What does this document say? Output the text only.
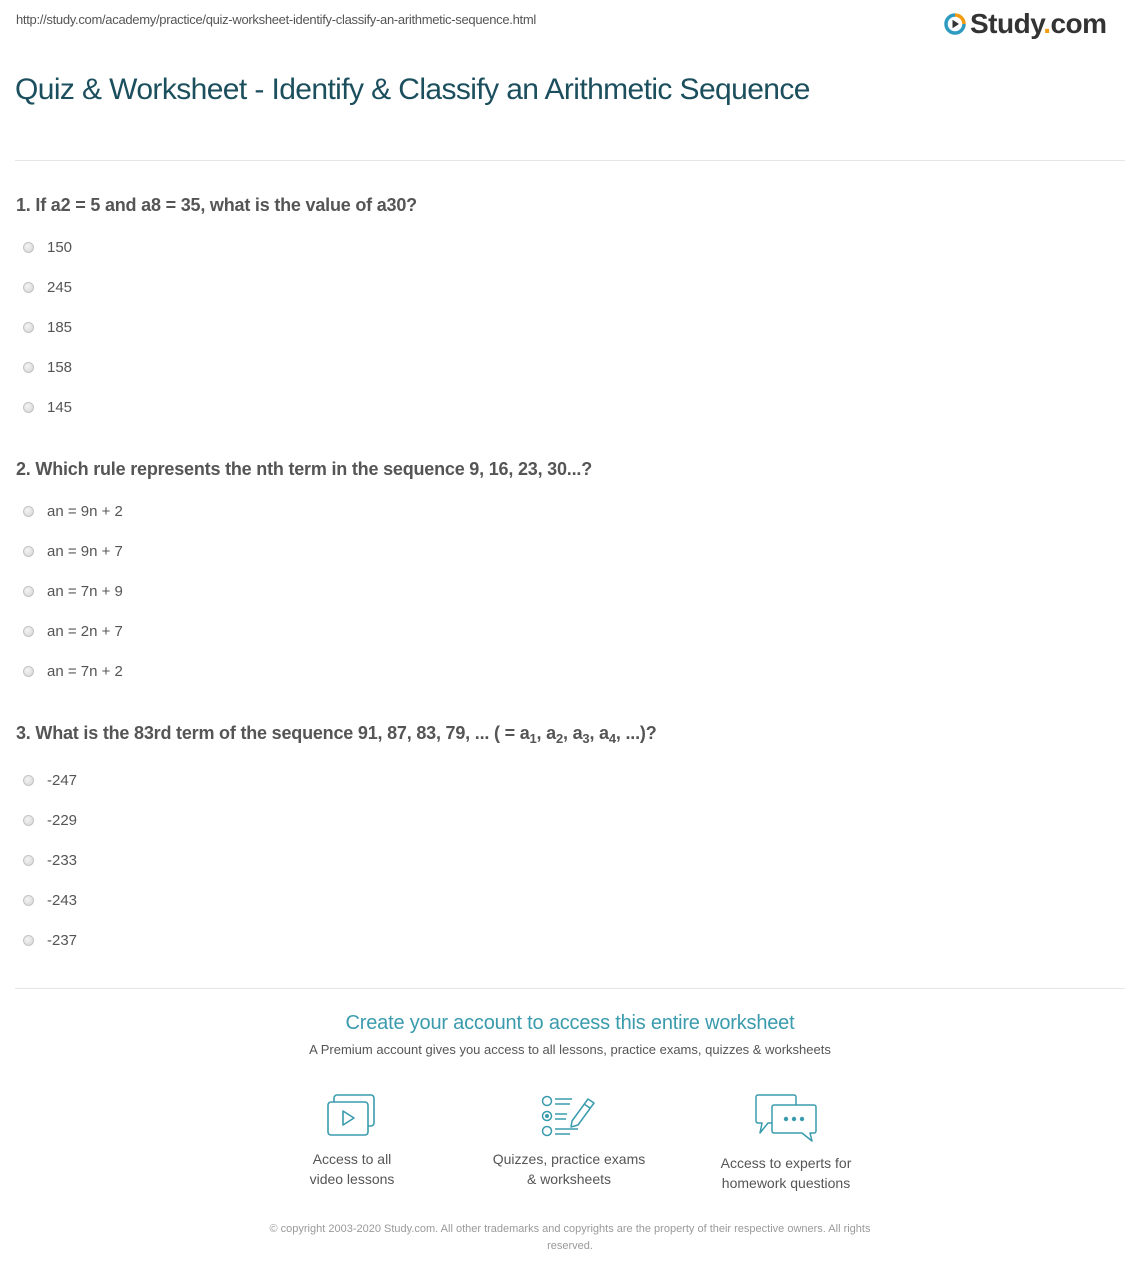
http://study.com/academy/practice/quiz-worksheet-identify-classify-an-arithmetic-sequence.html	Study.com
Quiz & Worksheet - Identify & Classify an Arithmetic Sequence
1. If a2 = 5 and a8 = 35, what is the value of a30?
150
245
185
158
145
2. Which rule represents the nth term in the sequence 9, 16, 23, 30...?
an = 9n + 2
an = 9n + 7
an = 7n + 9
an = 2n + 7
an = 7n + 2
3. What is the 83rd term of the sequence 91, 87, 83, 79, ... ( = $a_1$, $a_2$, $a_3$, $a_4$, ...)?
-247
-229
-233
-243
-237
Create your account to access this entire worksheet
A Premium account gives you access to all lessons, practice exams, quizzes & worksheets
Access to all
video lessons
Quizzes, practice exams
& worksheets
Access to experts for
homework questions
© copyright 2003-2020 Study.com. All other trademarks and copyrights are the property of their respective owners. All rights
reserved.
